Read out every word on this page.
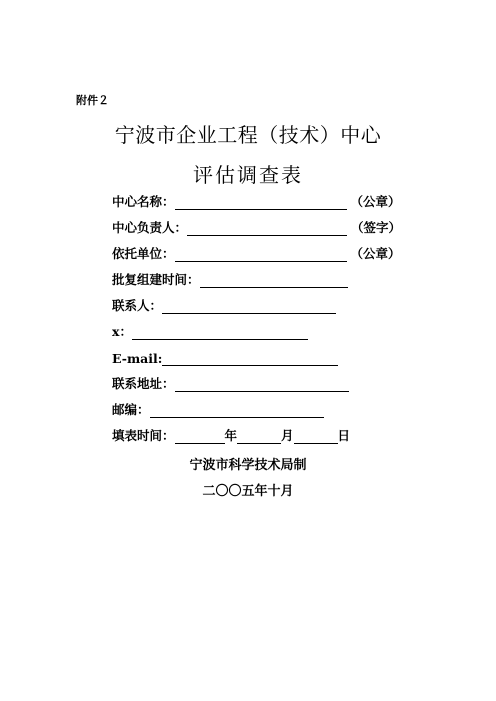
附件２
宁波市企业工程（技术）中心
评估调查表
中心名称：	（公章）
中心负责人：	（签字）
依托单位：	（公章）
批复组建时间：
联系人：
x：
E-mail:
联系地址：
邮编：
填表时间：	年	月	日
宁波市科学技术局制
二〇〇五年十月
